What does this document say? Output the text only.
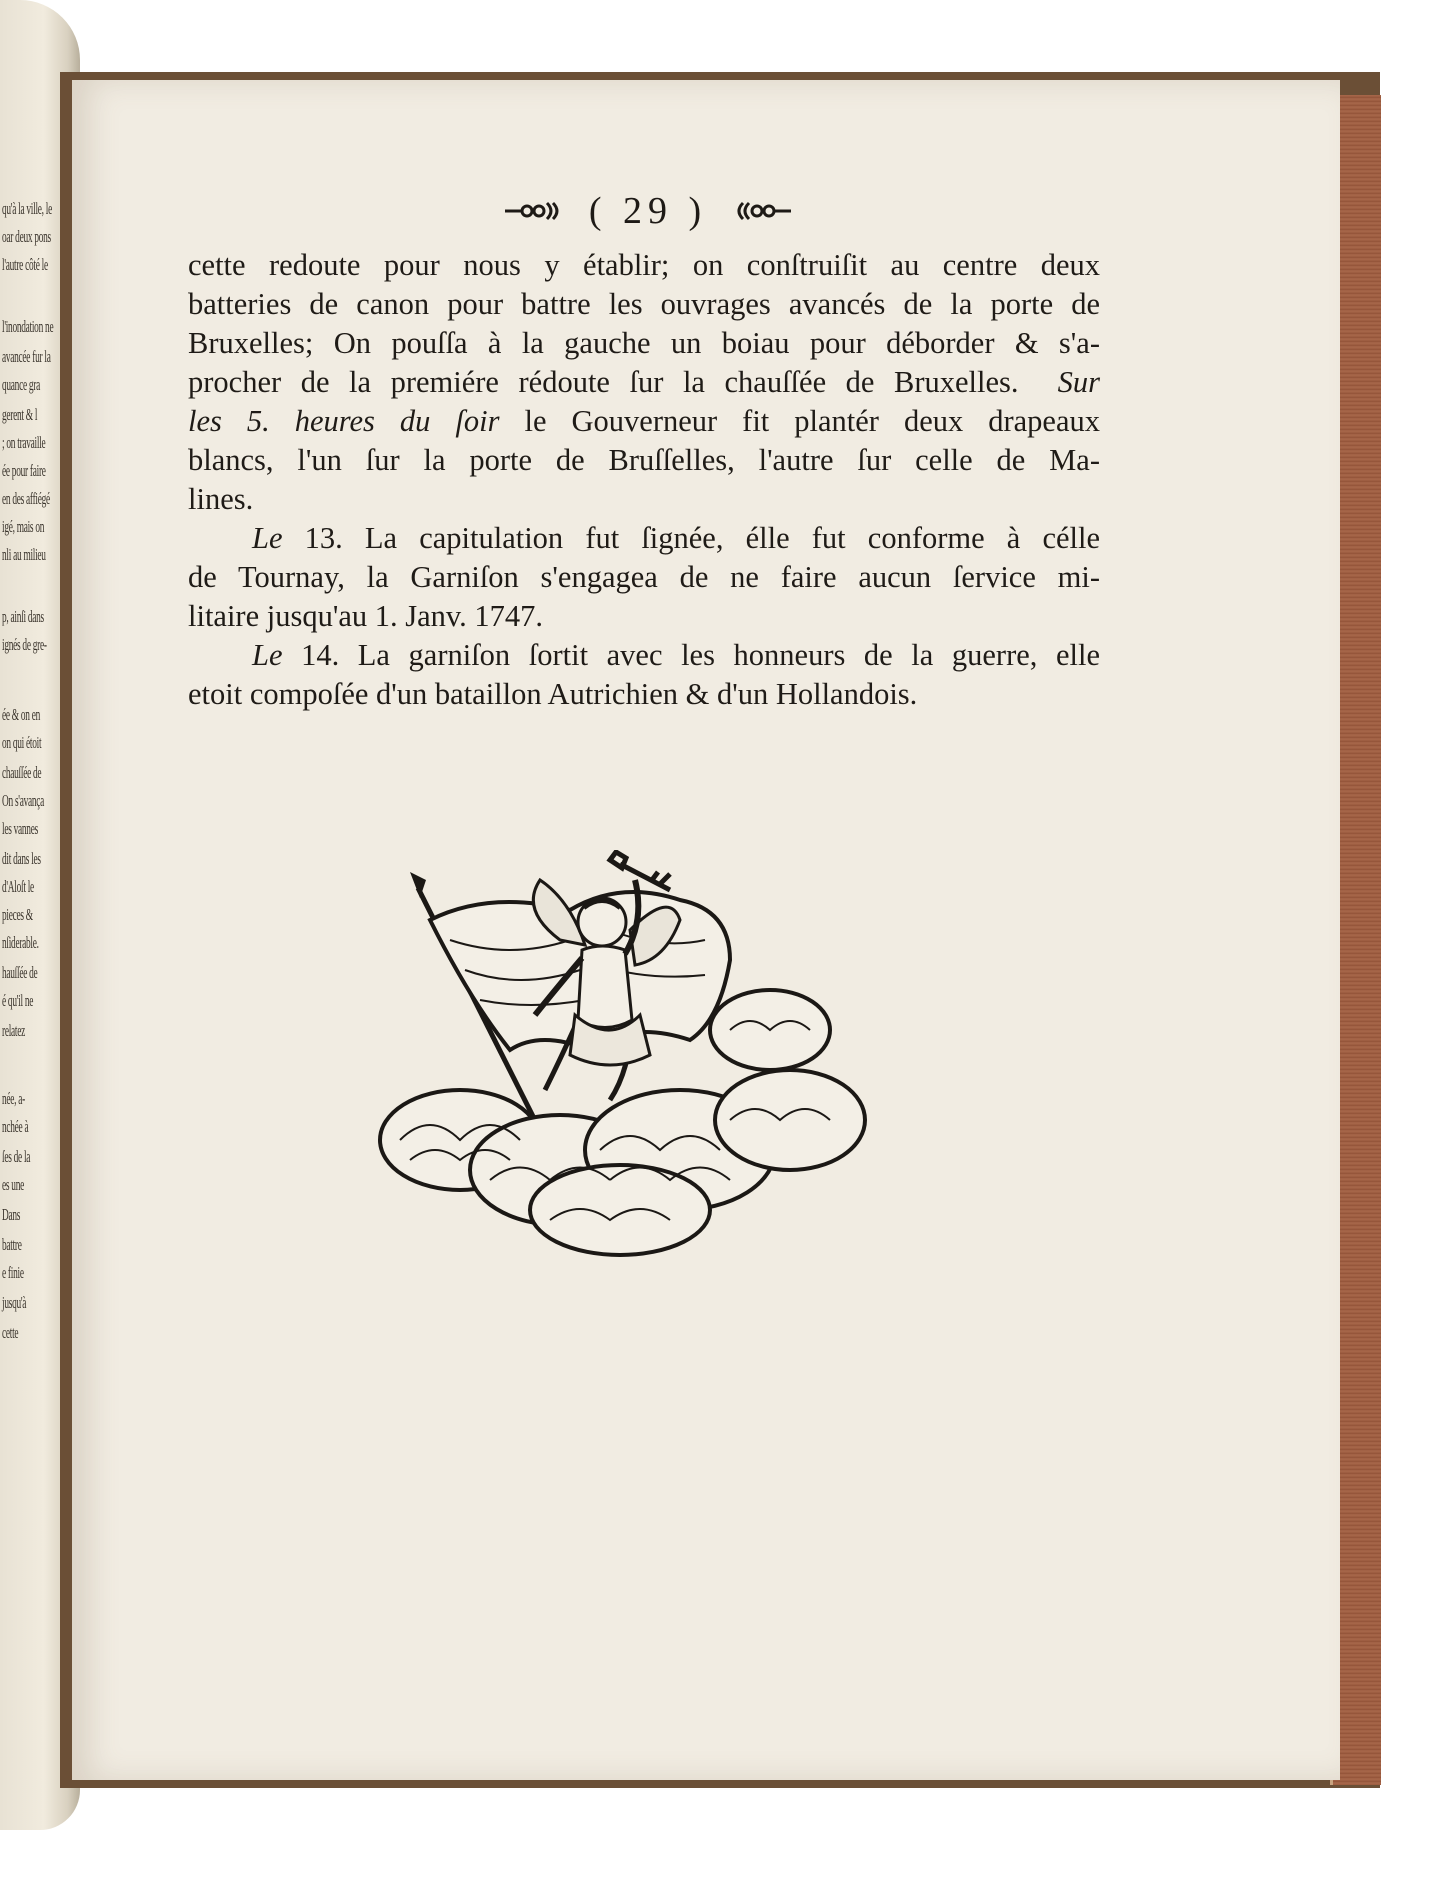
qu'à la ville, le
oar deux pons
l'autre côté le
l'inondation ne
avancée fur la
quance gra
gerent & l
; on travaille
ée pour faire
en des affiégé
igé, mais on
nli au milieu
p, ainſi dans
ignés de gre-
ée & on en
on qui étoit
chauſſée de
On s'avança
les vannes
dit dans les
d'Aloſt le
pieces &
nſiderable.
hauſſée de
é qu'il ne
relatez
née, a-
nchée à
ſes de la
es une
Dans
battre
e finie
jusqu'à
cette
( 29 )
cette redoute pour nous y établir; on conſtruiſit au centre deux
batteries de canon pour battre les ouvrages avancés de la porte de
Bruxelles; On pouſſa à la gauche un boiau pour déborder & s'a-
procher de la premiére rédoute ſur la chauſſée de Bruxelles. Sur
les 5. heures du ſoir le Gouverneur fit plantér deux drapeaux
blancs, l'un ſur la porte de Bruſſelles, l'autre ſur celle de Ma-
lines.
Le 13. La capitulation fut ſignée, élle fut conforme à célle
de Tournay, la Garniſon s'engagea de ne faire aucun ſervice mi-
litaire jusqu'au 1. Janv. 1747.
Le 14. La garniſon ſortit avec les honneurs de la guerre, elle
etoit compoſée d'un bataillon Autrichien & d'un Hollandois.
